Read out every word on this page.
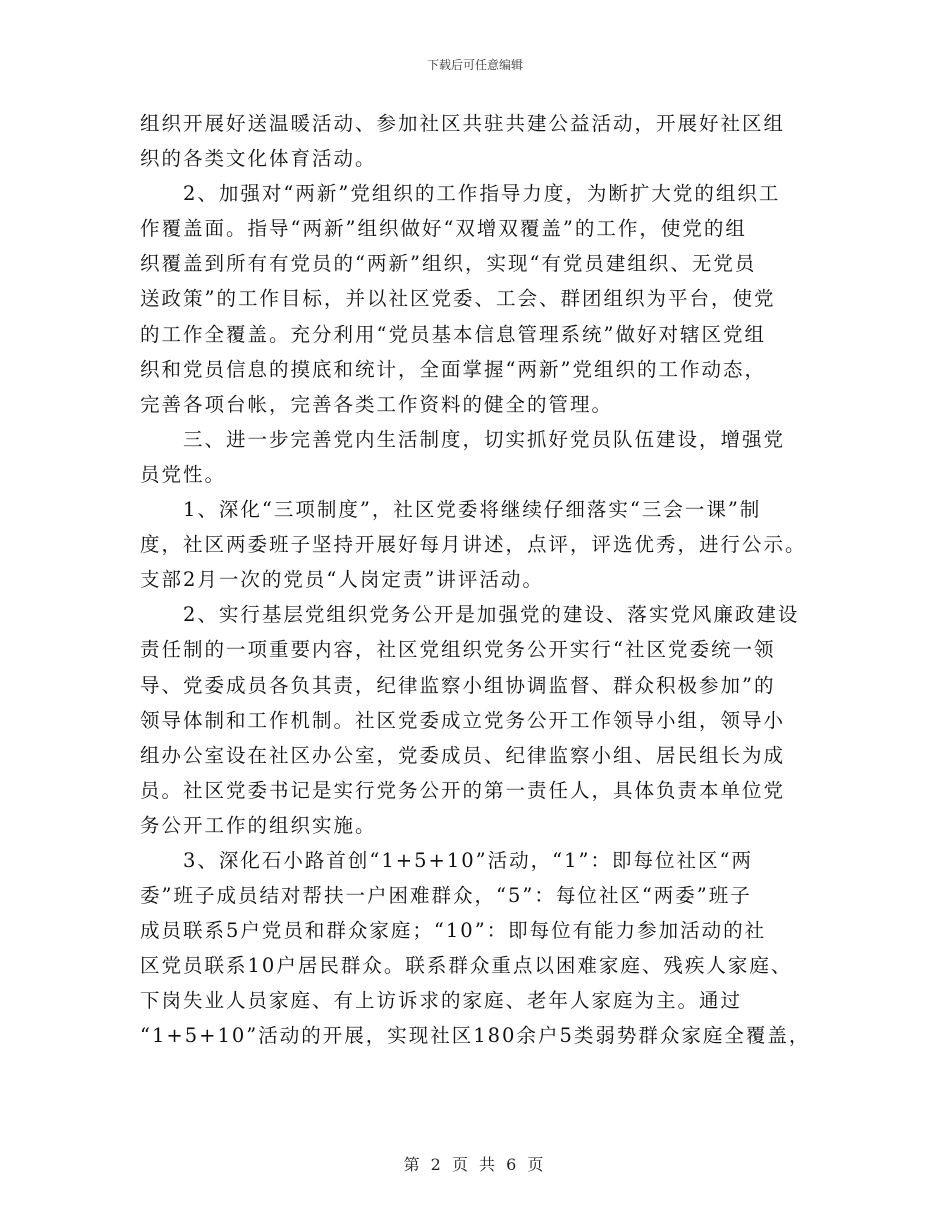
下载后可任意编辑
组织开展好送温暖活动、参加社区共驻共建公益活动，开展好社区组
织的各类文化体育活动。
　　2、加强对“两新”党组织的工作指导力度，为断扩大党的组织工
作覆盖面。指导“两新”组织做好“双增双覆盖”的工作，使党的组
织覆盖到所有有党员的“两新”组织，实现“有党员建组织、无党员
送政策”的工作目标，并以社区党委、工会、群团组织为平台，使党
的工作全覆盖。充分利用“党员基本信息管理系统”做好对辖区党组
织和党员信息的摸底和统计，全面掌握“两新”党组织的工作动态，
完善各项台帐，完善各类工作资料的健全的管理。
　　三、进一步完善党内生活制度，切实抓好党员队伍建设，增强党
员党性。
　　1、深化“三项制度”，社区党委将继续仔细落实“三会一课”制
度，社区两委班子坚持开展好每月讲述，点评，评选优秀，进行公示。
支部2月一次的党员“人岗定责”讲评活动。
　　2、实行基层党组织党务公开是加强党的建设、落实党风廉政建设
责任制的一项重要内容，社区党组织党务公开实行“社区党委统一领
导、党委成员各负其责，纪律监察小组协调监督、群众积极参加”的
领导体制和工作机制。社区党委成立党务公开工作领导小组，领导小
组办公室设在社区办公室，党委成员、纪律监察小组、居民组长为成
员。社区党委书记是实行党务公开的第一责任人，具体负责本单位党
务公开工作的组织实施。
　　3、深化石小路首创“1+5+10”活动，“1”：即每位社区“两
委”班子成员结对帮扶一户困难群众，“5”：每位社区“两委”班子
成员联系5户党员和群众家庭；“10”：即每位有能力参加活动的社
区党员联系10户居民群众。联系群众重点以困难家庭、残疾人家庭、
下岗失业人员家庭、有上访诉求的家庭、老年人家庭为主。通过
“1+5+10”活动的开展，实现社区180余户5类弱势群众家庭全覆盖，
第 2 页 共 6 页
